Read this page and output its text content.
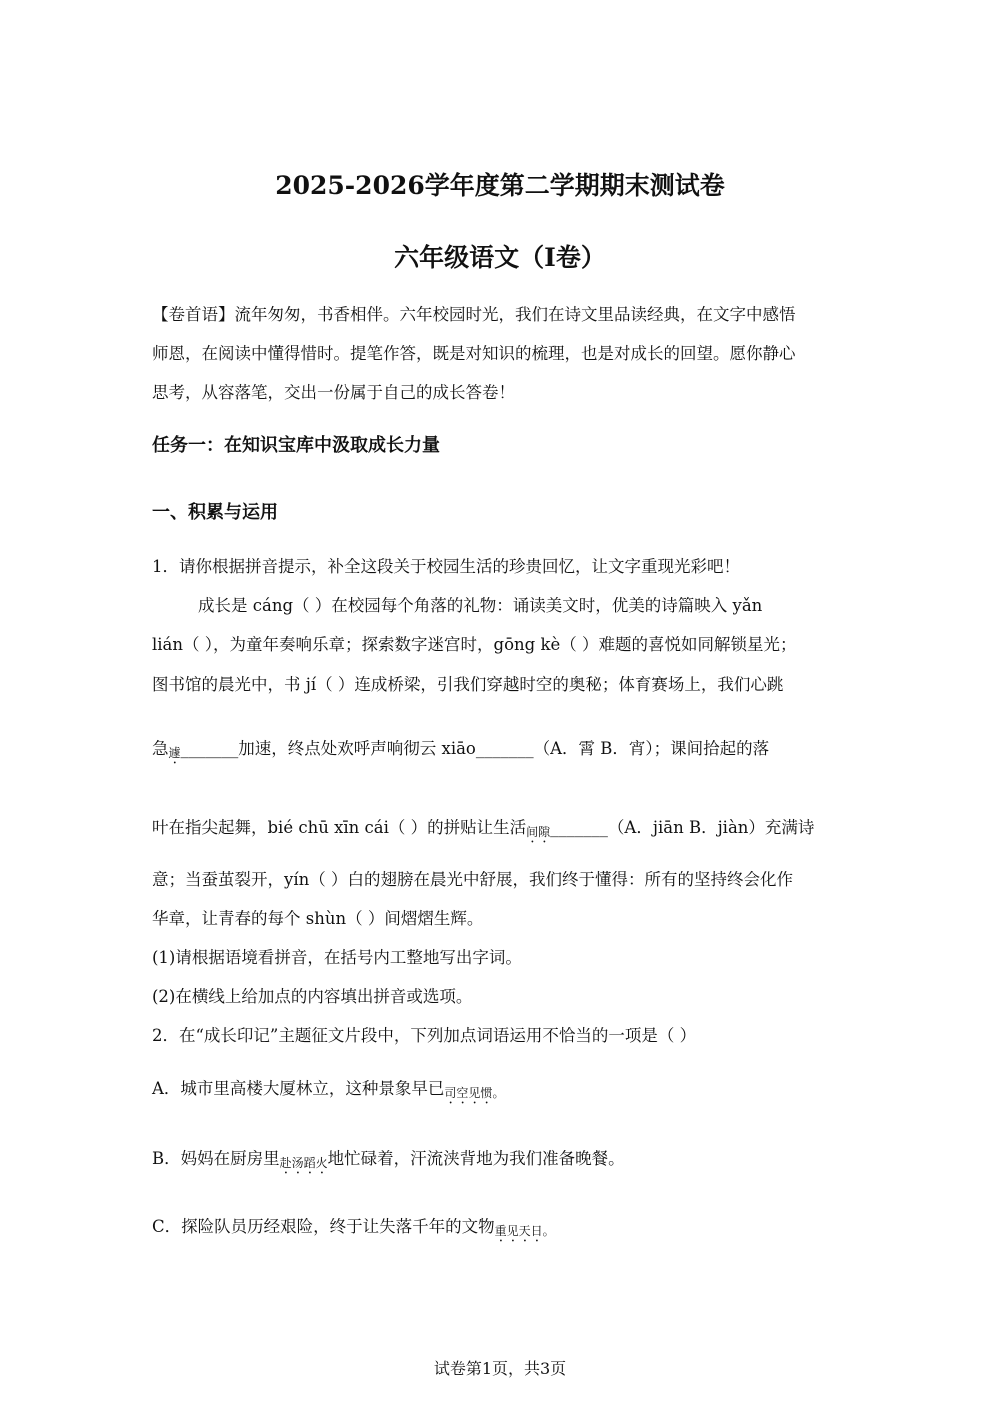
2025-2026学年度第二学期期末测试卷
六年级语文（Ⅰ卷）
【卷首语】流年匆匆，书香相伴。六年校园时光，我们在诗文里品读经典，在文字中感悟
师恩，在阅读中懂得惜时。提笔作答，既是对知识的梳理，也是对成长的回望。愿你静心
思考，从容落笔，交出一份属于自己的成长答卷！
任务一：在知识宝库中汲取成长力量
一、积累与运用
1．请你根据拼音提示，补全这段关于校园生活的珍贵回忆，让文字重现光彩吧！
成长是 cáng（ ）在校园每个角落的礼物：诵读美文时，优美的诗篇映入 yǎn
lián（ ），为童年奏响乐章；探索数字迷宫时，gōng kè（ ）难题的喜悦如同解锁星光；
图书馆的晨光中，书 jí（ ）连成桥梁，引我们穿越时空的奥秘；体育赛场上，我们心跳
急遽_______加速，终点处欢呼声响彻云 xiāo_______（A．霄 B．宵）；课间拾起的落
叶在指尖起舞，bié chū xīn cái（ ）的拼贴让生活间隙_______（A．jiān B．jiàn）充满诗
意；当蚕茧裂开，yín（ ）白的翅膀在晨光中舒展，我们终于懂得：所有的坚持终会化作
华章，让青春的每个 shùn（ ）间熠熠生辉。
(1)请根据语境看拼音，在括号内工整地写出字词。
(2)在横线上给加点的内容填出拼音或选项。
2．在“成长印记”主题征文片段中，下列加点词语运用不恰当的一项是（ ）
A．城市里高楼大厦林立，这种景象早已司空见惯。
B．妈妈在厨房里赴汤蹈火地忙碌着，汗流浃背地为我们准备晚餐。
C．探险队员历经艰险，终于让失落千年的文物重见天日。
试卷第1页，共3页
